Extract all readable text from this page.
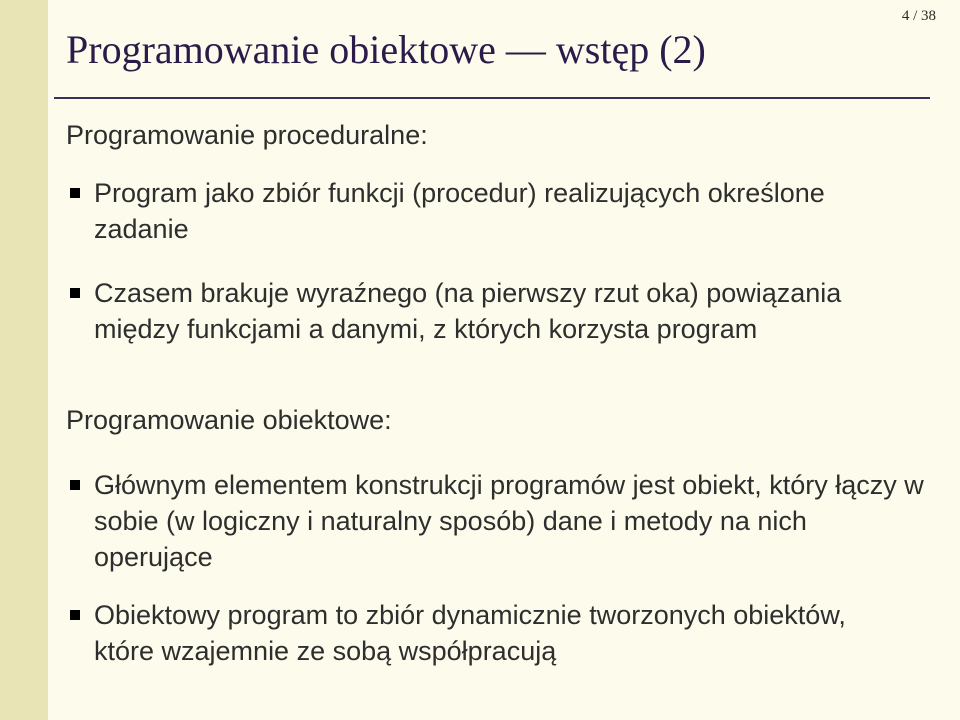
4 / 38
Programowanie obiektowe — wstęp (2)
Programowanie proceduralne:
Program jako zbiór funkcji (procedur) realizujących określone zadanie
Czasem brakuje wyraźnego (na pierwszy rzut oka) powiązania między funkcjami a danymi, z których korzysta program
Programowanie obiektowe:
Głównym elementem konstrukcji programów jest obiekt, który łączy w sobie (w logiczny i naturalny sposób) dane i metody na nich operujące
Obiektowy program to zbiór dynamicznie tworzonych obiektów, które wzajemnie ze sobą współpracują
